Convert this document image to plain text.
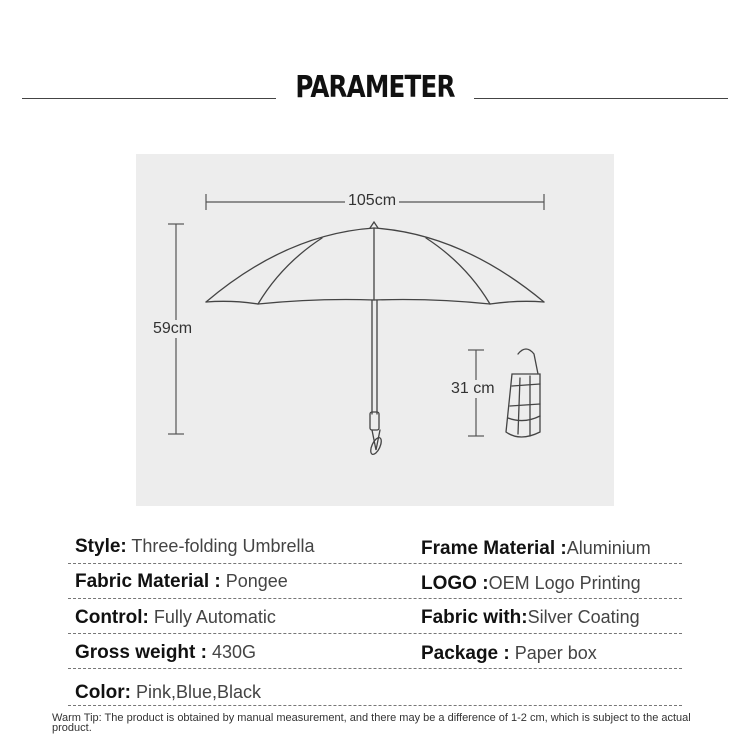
PARAMETER
105cm
59cm
31 cm
Style: Three-folding Umbrella	Frame Material :Aluminium
Fabric Material : Pongee	LOGO :OEM Logo Printing
Control: Fully Automatic	Fabric with:Silver Coating
Gross weight : 430G	Package : Paper box
Color: Pink,Blue,Black
Warm Tip: The product is obtained by manual measurement, and there may be a difference of 1-2 cm, which is subject to the actual product.
